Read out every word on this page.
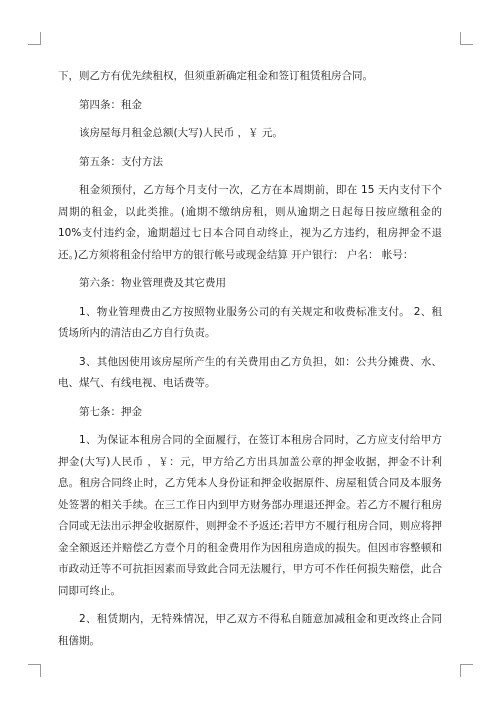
下，则乙方有优先续租权，但须重新确定租金和签订租赁租房合同。

第四条：租金

该房屋每月租金总额(大写)人民币 ，￥ 元。

第五条：支付方法

租金须预付，乙方每个月支付一次，乙方在本周期前，即在 15 天内支付下个周期的租金，以此类推。(逾期不缴纳房租，则从逾期之日起每日按应缴租金的 10%支付违约金，逾期超过七日本合同自动终止，视为乙方违约，租房押金不退还。)乙方须将租金付给甲方的银行帐号或现金结算 开户银行： 户名： 帐号：

第六条：物业管理费及其它费用

1、物业管理费由乙方按照物业服务公司的有关规定和收费标准支付。 2、租赁场所内的清洁由乙方自行负责。

3、其他因使用该房屋所产生的有关费用由乙方负担，如：公共分摊费、水、电、煤气、有线电视、电话费等。

第七条：押金

1、为保证本租房合同的全面履行，在签订本租房合同时，乙方应支付给甲方押金(大写)人民币 ，￥：元，甲方给乙方出具加盖公章的押金收据，押金不计利息。租房合同终止时，乙方凭本人身份证和押金收据原件、房屋租赁合同及本服务处签署的相关手续。在三工作日内到甲方财务部办理退还押金。若乙方不履行租房合同或无法出示押金收据原件，则押金不予返还;若甲方不履行租房合同，则应将押金全额返还并赔偿乙方壹个月的租金费用作为因租房造成的损失。但因市容整顿和市政动迁等不可抗拒因素而导致此合同无法履行，甲方可不作任何损失赔偿，此合同即可终止。

2、租赁期内，无特殊情况，甲乙双方不得私自随意加减租金和更改终止合同租僐期。
